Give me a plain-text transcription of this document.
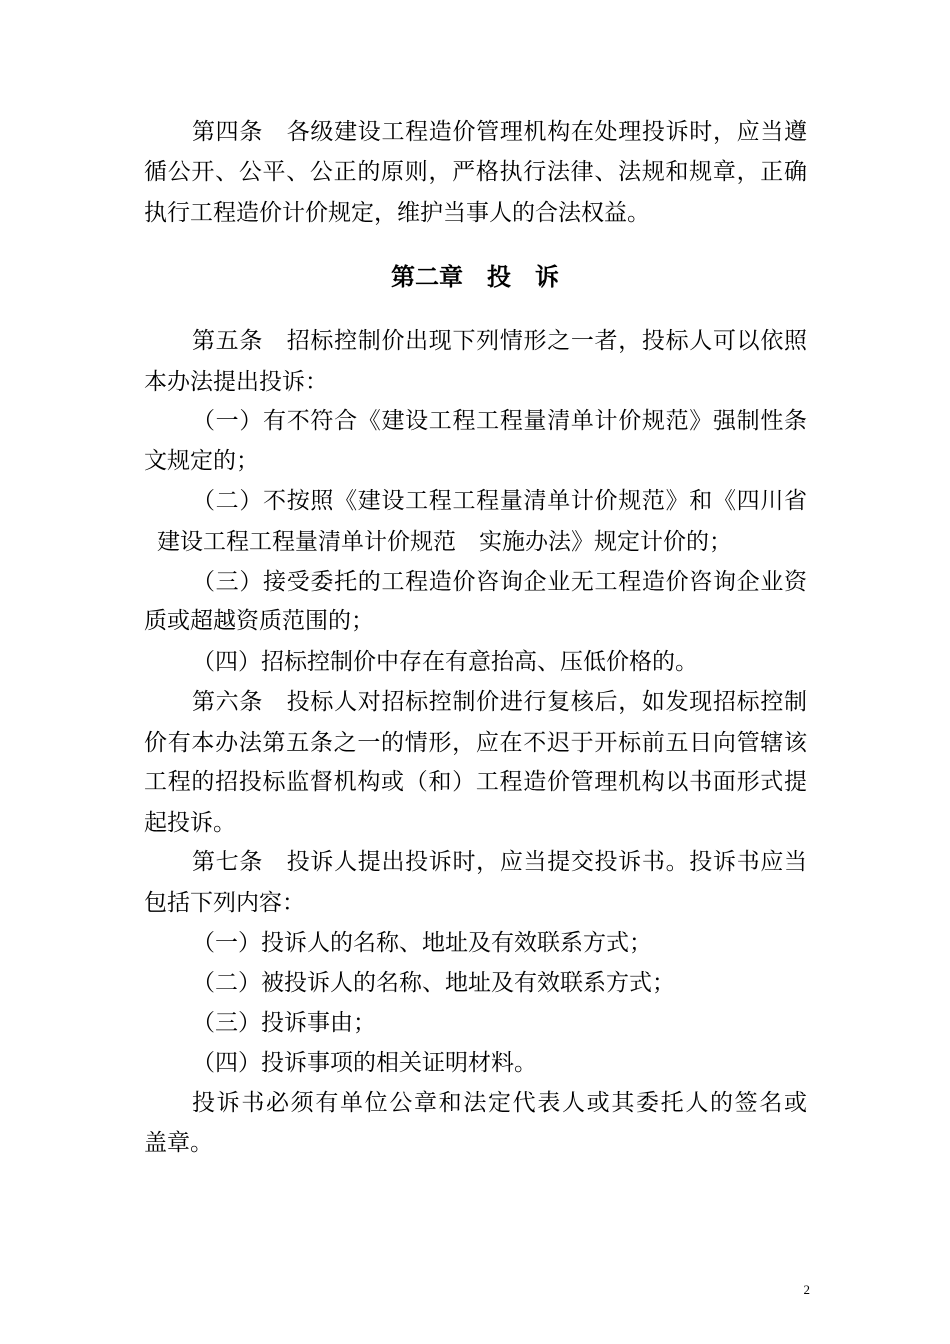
第四条　各级建设工程造价管理机构在处理投诉时，应当遵
循公开、公平、公正的原则，严格执行法律、法规和规章，正确
执行工程造价计价规定，维护当事人的合法权益。
第二章　投　诉
第五条　招标控制价出现下列情形之一者，投标人可以依照
本办法提出投诉：
（一）有不符合《建设工程工程量清单计价规范》强制性条
文规定的；
（二）不按照《建设工程工程量清单计价规范》和《四川省
建设工程工程量清单计价规范　实施办法》规定计价的；
（三）接受委托的工程造价咨询企业无工程造价咨询企业资
质或超越资质范围的；
（四）招标控制价中存在有意抬高、压低价格的。
第六条　投标人对招标控制价进行复核后，如发现招标控制
价有本办法第五条之一的情形，应在不迟于开标前五日向管辖该
工程的招投标监督机构或（和）工程造价管理机构以书面形式提
起投诉。
第七条　投诉人提出投诉时，应当提交投诉书。投诉书应当
包括下列内容：
（一）投诉人的名称、地址及有效联系方式；
（二）被投诉人的名称、地址及有效联系方式；
（三）投诉事由；
（四）投诉事项的相关证明材料。
投诉书必须有单位公章和法定代表人或其委托人的签名或
盖章。
2
